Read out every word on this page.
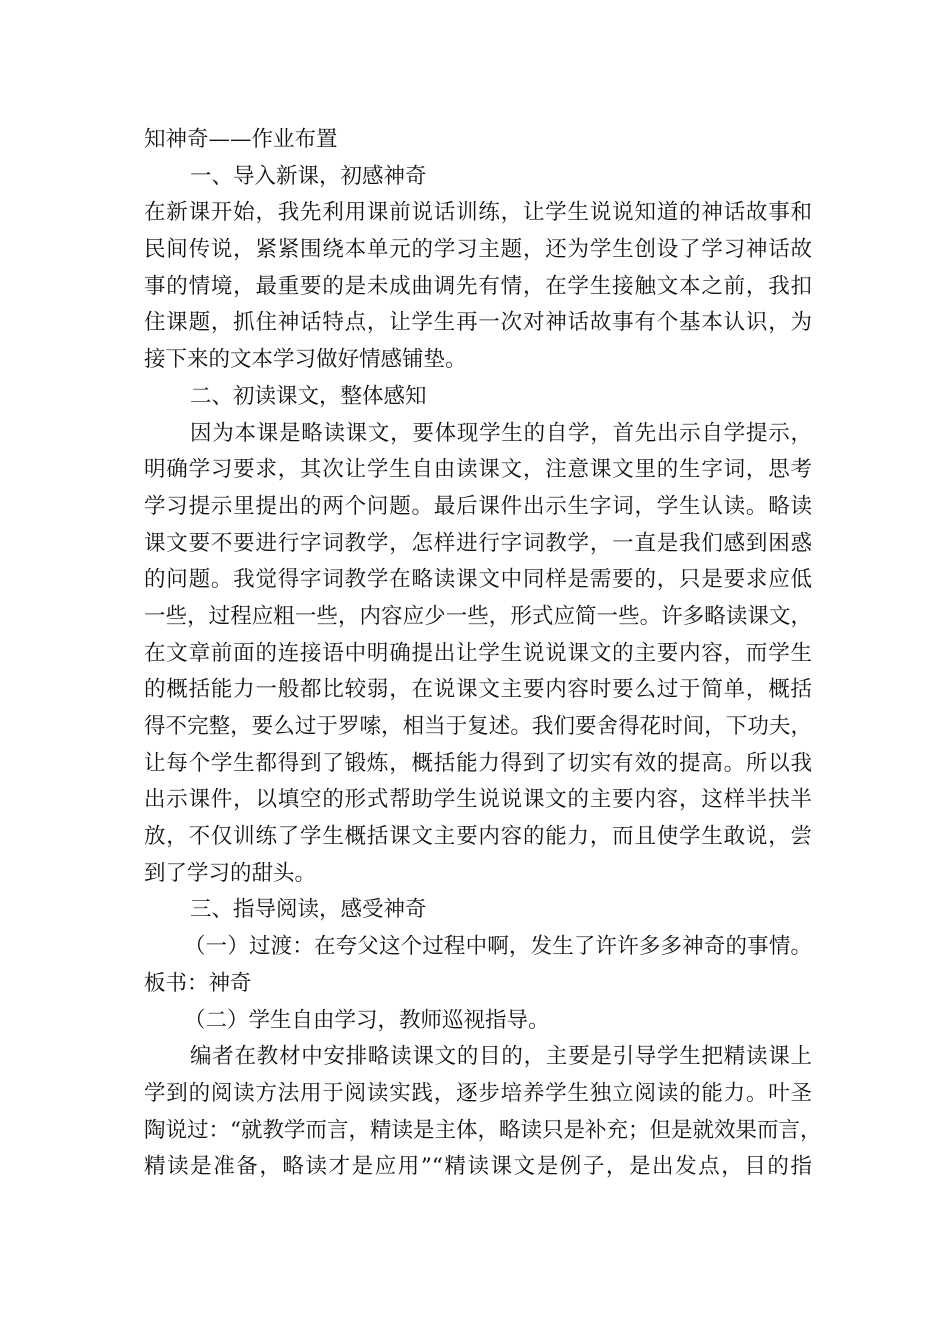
知神奇——作业布置
一、导入新课，初感神奇
在新课开始，我先利用课前说话训练，让学生说说知道的神话故事和
民间传说，紧紧围绕本单元的学习主题，还为学生创设了学习神话故
事的情境，最重要的是未成曲调先有情，在学生接触文本之前，我扣
住课题，抓住神话特点，让学生再一次对神话故事有个基本认识，为
接下来的文本学习做好情感铺垫。
二、初读课文，整体感知
因为本课是略读课文，要体现学生的自学，首先出示自学提示，
明确学习要求，其次让学生自由读课文，注意课文里的生字词，思考
学习提示里提出的两个问题。最后课件出示生字词，学生认读。略读
课文要不要进行字词教学，怎样进行字词教学，一直是我们感到困惑
的问题。我觉得字词教学在略读课文中同样是需要的，只是要求应低
一些，过程应粗一些，内容应少一些，形式应简一些。许多略读课文，
在文章前面的连接语中明确提出让学生说说课文的主要内容，而学生
的概括能力一般都比较弱，在说课文主要内容时要么过于简单，概括
得不完整，要么过于罗嗦，相当于复述。我们要舍得花时间，下功夫，
让每个学生都得到了锻炼，概括能力得到了切实有效的提高。所以我
出示课件，以填空的形式帮助学生说说课文的主要内容，这样半扶半
放，不仅训练了学生概括课文主要内容的能力，而且使学生敢说，尝
到了学习的甜头。
三、指导阅读，感受神奇
（一）过渡：在夸父这个过程中啊，发生了许许多多神奇的事情。
板书：神奇
（二）学生自由学习，教师巡视指导。
编者在教材中安排略读课文的目的，主要是引导学生把精读课上
学到的阅读方法用于阅读实践，逐步培养学生独立阅读的能力。叶圣
陶说过：“就教学而言，精读是主体，略读只是补充；但是就效果而言，
精读是准备，略读才是应用”“精读课文是例子，是出发点，目的指
